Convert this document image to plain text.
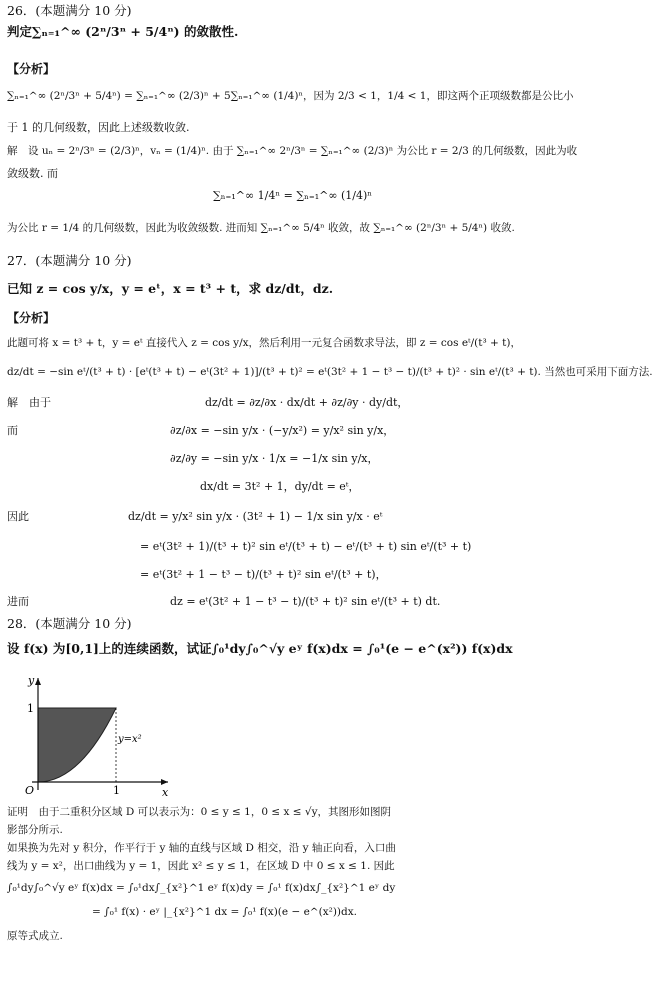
26．(本题满分 10 分)
判定∑ₙ₌₁^∞ (2ⁿ/3ⁿ + 5/4ⁿ) 的敛散性.
【分析】
∑ₙ₌₁^∞ (2ⁿ/3ⁿ + 5/4ⁿ) = ∑ₙ₌₁^∞ (2/3)ⁿ + 5∑ₙ₌₁^∞ (1/4)ⁿ，因为 2/3 < 1，1/4 < 1，即这两个正项级数都是公比小
于 1 的几何级数，因此上述级数收敛.
解　设 uₙ = 2ⁿ/3ⁿ = (2/3)ⁿ，vₙ = (1/4)ⁿ. 由于 ∑ₙ₌₁^∞ 2ⁿ/3ⁿ = ∑ₙ₌₁^∞ (2/3)ⁿ 为公比 r = 2/3 的几何级数，因此为收
敛级数. 而
∑ₙ₌₁^∞ 1/4ⁿ = ∑ₙ₌₁^∞ (1/4)ⁿ
为公比 r = 1/4 的几何级数，因此为收敛级数. 进而知 ∑ₙ₌₁^∞ 5/4ⁿ 收敛，故 ∑ₙ₌₁^∞ (2ⁿ/3ⁿ + 5/4ⁿ) 收敛.
27．(本题满分 10 分)
已知 z = cos y/x，y = eᵗ，x = t³ + t，求 dz/dt，dz.
【分析】
此题可将 x = t³ + t，y = eᵗ 直接代入 z = cos y/x，然后利用一元复合函数求导法，即 z = cos eᵗ/(t³ + t)，
dz/dt = −sin eᵗ/(t³ + t) · [eᵗ(t³ + t) − eᵗ(3t² + 1)]/(t³ + t)² = eᵗ(3t² + 1 − t³ − t)/(t³ + t)² · sin eᵗ/(t³ + t). 当然也可采用下面方法.
解　由于	dz/dt = ∂z/∂x · dx/dt + ∂z/∂y · dy/dt，
而	∂z/∂x = −sin y/x · (−y/x²) = y/x² sin y/x，
∂z/∂y = −sin y/x · 1/x = −1/x sin y/x，
dx/dt = 3t² + 1，dy/dt = eᵗ，
因此	dz/dt = y/x² sin y/x · (3t² + 1) − 1/x sin y/x · eᵗ
= eᵗ(3t² + 1)/(t³ + t)² sin eᵗ/(t³ + t) − eᵗ/(t³ + t) sin eᵗ/(t³ + t)
= eᵗ(3t² + 1 − t³ − t)/(t³ + t)² sin eᵗ/(t³ + t)，
进而	dz = eᵗ(3t² + 1 − t³ − t)/(t³ + t)² sin eᵗ/(t³ + t) dt.
28．(本题满分 10 分)
设 f(x) 为[0,1]上的连续函数，试证∫₀¹dy∫₀^√y eʸ f(x)dx = ∫₀¹(e − e^(x²)) f(x)dx
y
x
O	1
1
y=x²
证明　由于二重积分区域 D 可以表示为：0 ≤ y ≤ 1，0 ≤ x ≤ √y，其图形如图阴
影部分所示.
如果换为先对 y 积分，作平行于 y 轴的直线与区域 D 相交，沿 y 轴正向看，入口曲
线为 y = x²，出口曲线为 y = 1，因此 x² ≤ y ≤ 1，在区域 D 中 0 ≤ x ≤ 1. 因此
∫₀¹dy∫₀^√y eʸ f(x)dx = ∫₀¹dx∫_{x²}^1 eʸ f(x)dy = ∫₀¹ f(x)dx∫_{x²}^1 eʸ dy
= ∫₀¹ f(x) · eʸ |_{x²}^1 dx = ∫₀¹ f(x)(e − e^(x²))dx.
原等式成立.
